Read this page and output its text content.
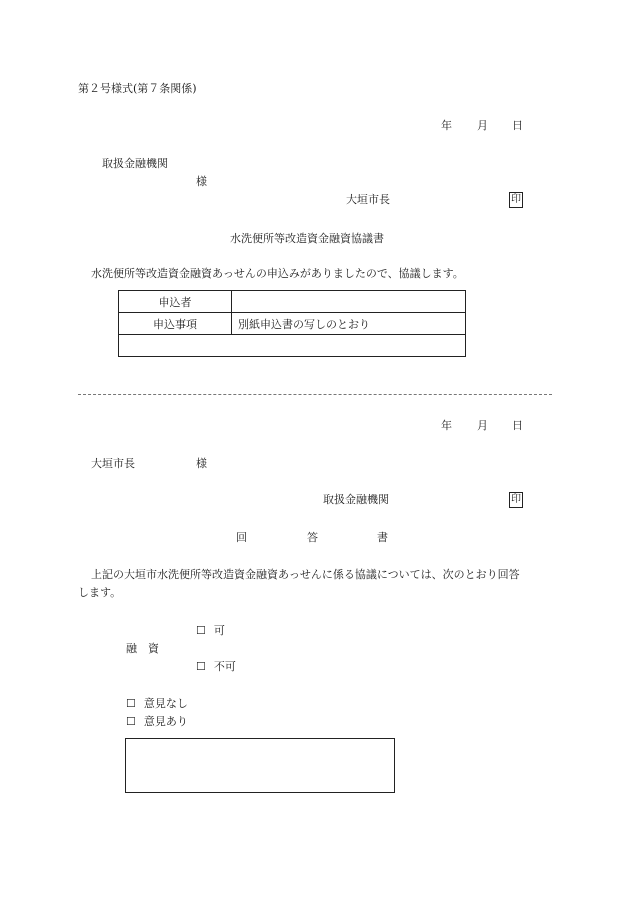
第２号様式(第７条関係)
年 月 日
取扱金融機関
様
大垣市長	印
水洗便所等改造資金融資協議書
水洗便所等改造資金融資あっせんの申込みがありましたので、協議します。
申込者	
申込事項	別紙申込書の写しのとおり

年 月 日
大垣市長	様
取扱金融機関	印
回	答	書
上記の大垣市水洗便所等改造資金融資あっせんに係る協議については、次のとおり回答
します。
☐ 可
融　資
☐ 不可
☐ 意見なし
☐ 意見あり
